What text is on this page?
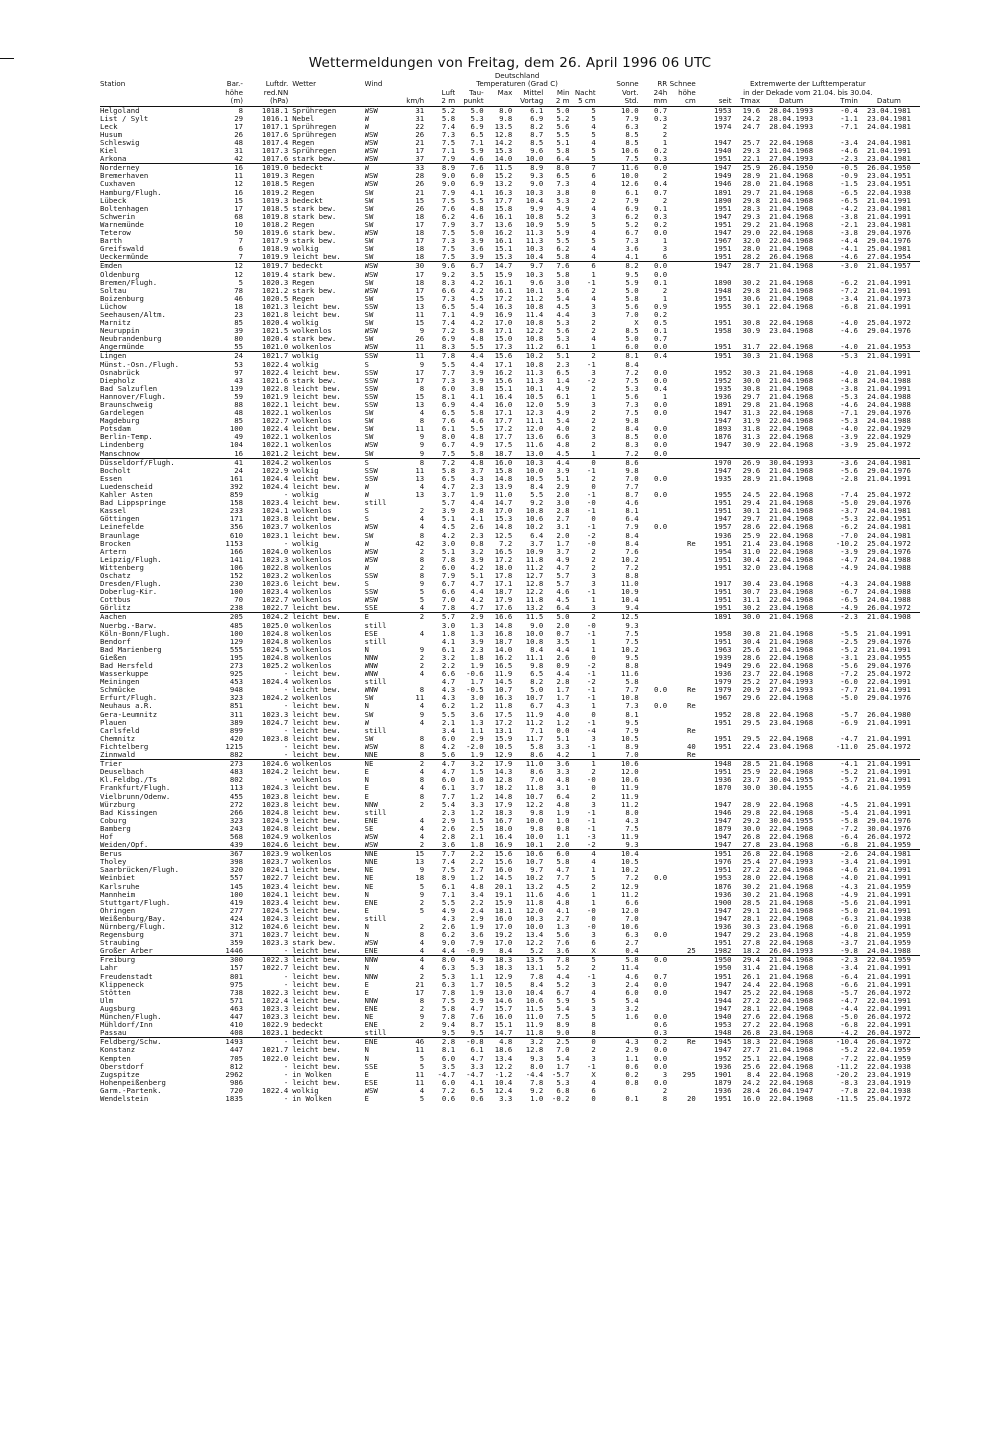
Wettermeldungen von Freitag, dem 26. April 1996 06 UTC
						Deutschland														
Station	Bar.-	Luftdr.	Wetter	Wind		Temperaturen (Grad C)							Sonne	RR	Schnee	Extremwerte der Lufttemperatur				
	höhe	red.NN				Luft	Tau-	Max	Mittel	Min	Nacht		Vort.	24h	höhe	in der Dekade vom 21.04. bis 30.04.				
	(m)	(hPa)			km/h	2 m	punkt		Vortag	2 m	5 cm		Std.	mm	cm	seit	Tmax	Datum	Tmin	Datum
Helgoland	8	1018.1	Sprühregen	WSW	31	5.2	5.0	8.0	6.1	5.0	5		10.0	0.7		1953	19.6	28.04.1993	-0.4	23.04.1981
List / Sylt	29	1016.1	Nebel	W	31	5.8	5.3	9.8	6.9	5.2	5		7.9	0.3		1937	24.2	28.04.1993	-1.1	23.04.1981
Leck	17	1017.1	Sprühregen	W	22	7.4	6.9	13.5	8.2	5.6	4		6.3	2		1974	24.7	28.04.1993	-7.1	24.04.1981
Husum	26	1017.6	Sprühregen	WSW	26	7.3	6.5	12.8	8.7	5.5	5		8.5	2						
Schleswig	48	1017.4	Regen	WSW	21	7.5	7.1	14.2	8.5	5.1	4		8.5	1		1947	25.7	22.04.1968	-3.4	24.04.1981
Kiel	31	1017.3	Sprühregen	WSW	17	7.1	5.9	15.3	9.6	5.8	5		10.6	0.2		1940	29.3	21.04.1968	-4.6	21.04.1991
Arkona	42	1017.6	stark bew.	WSW	37	7.9	4.6	14.0	10.0	6.4	5		7.5	0.3		1951	22.1	27.04.1993	-2.3	23.04.1981
Norderney	16	1019.0	bedeckt	W	33	8.9	7.6	11.5	8.9	8.0	7		11.6	0.0		1947	25.9	26.04.1950	-0.5	26.04.1950
Bremerhaven	11	1019.3	Regen	WSW	28	9.0	6.0	15.2	9.3	6.5	6		10.0	2		1949	28.9	21.04.1968	-0.9	23.04.1951
Cuxhaven	12	1018.5	Regen	WSW	26	9.0	6.9	13.2	9.0	7.3	4		12.6	0.4		1946	28.0	21.04.1968	-1.5	23.04.1951
Hamburg/Flugh.	16	1019.2	Regen	SW	21	7.9	4.1	16.3	10.3	3.8	0		6.1	0.7		1891	29.7	21.04.1968	-6.5	22.04.1938
Lübeck	15	1019.3	bedeckt	SW	15	7.5	5.5	17.7	10.4	5.3	2		7.9	2		1890	29.8	21.04.1968	-6.5	21.04.1991
Boltenhagen	17	1018.5	stark bew.	SW	26	7.6	4.8	15.8	9.9	4.9	4		6.9	0.1		1951	28.3	21.04.1968	-4.2	23.04.1981
Schwerin	68	1019.8	stark bew.	SW	18	6.2	4.6	16.1	10.8	5.2	3		6.2	0.3		1947	29.3	21.04.1968	-3.8	21.04.1991
Warnemünde	10	1018.2	Regen	SW	17	7.9	3.7	13.6	10.9	5.9	5		5.2	0.2		1951	29.2	21.04.1968	-2.1	23.04.1981
Teterow	50	1019.6	stark bew.	WSW	18	7.5	5.0	16.2	11.3	5.9	4		6.7	0.0		1947	29.0	22.04.1968	-3.8	29.04.1976
Barth	7	1017.9	stark bew.	SW	17	7.3	3.9	16.1	11.3	5.5	5		7.3	1		1967	32.0	22.04.1968	-4.4	29.04.1976
Greifswald	6	1018.9	wolkig	SW	18	7.5	3.6	15.1	10.3	6.2	4		3.6	3		1951	28.0	21.04.1968	-4.1	25.04.1981
Ueckermünde	7	1019.9	leicht bew.	SW	18	7.5	3.9	15.3	10.4	5.8	4		4.1	6		1951	28.2	26.04.1968	-4.6	27.04.1954
Emden	12	1019.7	bedeckt	WSW	30	9.6	6.7	14.7	9.7	7.6	6		8.2	0.0		1947	28.7	21.04.1968	-3.0	21.04.1957
Oldenburg	12	1019.4	stark bew.	WSW	17	9.2	3.5	15.9	10.3	5.8	1		9.5	0.0						
Bremen/Flugh.	5	1020.3	Regen	SW	18	8.3	4.2	16.1	9.6	3.0	-1		5.9	0.1		1890	30.2	21.04.1968	-6.2	21.04.1991
Soltau	78	1021.2	stark bew.	WSW	17	6.6	4.2	16.1	10.1	3.6	2		5.0	2		1948	29.8	21.04.1968	-7.2	21.04.1991
Boizenburg	46	1020.5	Regen	SW	15	7.3	4.5	17.2	11.2	5.4	4		5.8	1		1951	30.6	21.04.1968	-3.4	21.04.1973
Lüchow	18	1021.3	leicht bew.	SSW	13	6.5	5.4	16.3	10.8	4.5	3		5.6	0.9		1955	30.1	22.04.1968	-6.8	21.04.1991
Seehausen/Altm.	23	1021.8	leicht bew.	SW	11	7.1	4.9	16.9	11.4	4.4	3		7.0	0.2						
Marnitz	85	1020.4	wolkig	SW	15	7.4	4.2	17.0	10.8	5.3	2		X	0.5		1951	30.8	22.04.1968	-4.0	25.04.1972
Neuruppin	39	1021.5	wolkenlos	WSW	9	7.2	5.8	17.1	12.2	5.6	2		8.5	0.1		1958	30.9	23.04.1968	-4.6	29.04.1976
Neubrandenburg	80	1020.4	stark bew.	SW	26	6.9	4.8	15.0	10.8	5.3	4		5.0	0.7						
Angermünde	55	1021.0	wolkenlos	WSW	11	8.3	5.5	17.3	11.2	6.1	1		6.0	0.0		1951	31.7	22.04.1968	-4.0	21.04.1953
Lingen	24	1021.7	wolkig	SSW	11	7.8	4.4	15.6	10.2	5.1	2		8.1	0.4		1951	30.3	21.04.1968	-5.3	21.04.1991
Münst.-Osn./Flugh.	53	1022.4	wolkig	S	9	5.5	4.4	17.1	10.8	2.3	-1		8.4							
Osnabrück	97	1022.4	leicht bew.	SSW	17	7.7	3.9	16.2	11.3	6.5	3		7.2	0.0		1952	30.3	21.04.1968	-4.0	21.04.1991
Diepholz	43	1021.6	stark bew.	SSW	17	7.3	3.9	15.6	11.3	1.4	-2		7.5	0.0		1952	30.0	21.04.1968	-4.8	24.04.1988
Bad Salzuflen	139	1022.8	leicht bew.	SSW	8	6.0	3.8	15.1	10.1	4.9	2		5.3	0.4		1935	30.8	21.04.1968	-3.8	21.04.1991
Hannover/Flugh.	59	1021.9	leicht bew.	SSW	15	8.1	4.1	16.4	10.5	6.1	1		5.6	1		1936	29.7	21.04.1968	-5.3	24.04.1988
Braunschweig	88	1022.1	leicht bew.	SSW	13	6.9	4.4	16.0	12.0	5.9	3		7.3	0.0		1891	29.8	21.04.1968	-4.6	24.04.1988
Gardelegen	48	1022.1	wolkenlos	SW	4	6.5	5.8	17.1	12.3	4.9	2		7.5	0.0		1947	31.3	22.04.1968	-7.1	29.04.1976
Magdeburg	85	1022.7	wolkenlos	SW	8	7.6	4.6	17.7	11.1	5.4	2		9.8			1947	31.9	22.04.1968	-5.3	24.04.1988
Potsdam	100	1022.4	leicht bew.	SW	11	6.1	5.5	17.2	12.0	4.0	2		8.4	0.0		1893	31.8	22.04.1968	-4.0	22.04.1929
Berlin-Temp.	49	1022.1	wolkenlos	SW	9	8.0	4.8	17.7	13.6	6.6	3		8.5	0.0		1876	31.3	22.04.1968	-3.9	22.04.1929
Lindenberg	104	1022.1	wolkenlos	WSW	9	6.7	4.9	17.5	11.6	4.8	2		8.3	0.0		1947	30.9	22.04.1968	-3.9	25.04.1972
Manschnow	16	1021.2	leicht bew.	SW	9	7.5	5.8	18.7	13.0	4.5	1		7.2	0.0						
Düsseldorf/Flugh.	41	1024.2	wolkenlos	S	8	7.2	4.8	16.0	10.3	4.4	0		8.6			1970	26.9	30.04.1993	-3.6	24.04.1981
Bocholt	24	1022.9	wolkig	SSW	11	5.8	3.7	15.8	10.0	3.9	-1		9.8			1947	29.6	21.04.1968	-5.6	29.04.1976
Essen	161	1024.4	leicht bew.	SSW	13	6.5	4.3	14.8	10.5	5.1	2		7.0	0.0		1935	28.9	21.04.1968	-2.8	21.04.1991
Luedenscheid	392	1024.4	leicht bew.	W	4	4.7	2.3	13.9	8.4	2.9	0		7.7							
Kahler Asten	859	-	wolkig	W	13	3.7	1.9	11.0	5.5	2.0	-1		8.7	0.0		1955	24.5	22.04.1968	-7.4	25.04.1972
Bad Lippspringe	158	1023.4	leicht bew.	still		5.7	4.4	14.7	9.2	3.0	-0		4.6			1951	29.4	21.04.1968	-5.0	29.04.1976
Kassel	233	1024.1	wolkenlos	S	2	3.9	2.8	17.0	10.8	2.8	-1		8.1			1951	30.1	21.04.1968	-3.7	24.04.1981
Göttingen	171	1023.8	leicht bew.	S	4	5.1	4.1	15.3	10.6	2.7	0		6.4			1947	29.7	21.04.1968	-5.3	22.04.1951
Leinefelde	356	1023.7	wolkenlos	WSW	4	4.5	2.6	14.8	10.2	3.1	-1		7.9	0.0		1957	28.6	22.04.1968	-6.2	24.04.1981
Braunlage	610	1023.1	leicht bew.	SW	8	4.2	2.3	12.5	6.4	2.0	-2		8.4			1936	25.9	22.04.1968	-7.0	24.04.1981
Brocken	1153	-	wolkig	W	42	3.0	0.8	7.2	3.7	1.7	-0		8.4		Re	1951	21.4	23.04.1968	-10.2	25.04.1972
Artern	166	1024.0	wolkenlos	WSW	2	5.1	3.2	16.5	10.9	3.7	2		7.6			1954	31.0	22.04.1968	-3.9	29.04.1976
Leipzig/Flugh.	141	1023.3	wolkenlos	WSW	8	7.8	3.9	17.2	11.8	4.9	2		10.2			1951	30.4	22.04.1968	-4.7	24.04.1988
Wittenberg	106	1022.8	wolkenlos	W	2	6.0	4.2	18.0	11.2	4.7	2		7.2			1951	32.0	23.04.1968	-4.9	24.04.1988
Oschatz	152	1023.2	wolkenlos	SSW	8	7.9	5.1	17.8	12.7	5.7	3		8.8							
Dresden/Flugh.	230	1023.6	leicht bew.	S	9	6.7	4.7	17.1	12.8	5.7	3		11.0			1917	30.4	23.04.1968	-4.3	24.04.1988
Doberlug-Kir.	100	1023.4	wolkenlos	SSW	5	6.6	4.4	18.7	12.2	4.6	-1		10.9			1951	30.7	23.04.1968	-6.7	24.04.1988
Cottbus	70	1022.7	wolkenlos	WSW	5	7.0	4.2	17.9	11.8	4.5	1		10.4			1951	31.1	22.04.1968	-6.5	24.04.1988
Görlitz	238	1022.7	leicht bew.	SSE	4	7.8	4.7	17.6	13.2	6.4	3		9.4			1951	30.2	23.04.1968	-4.9	26.04.1972
Aachen	205	1024.2	leicht bew.	E	2	5.7	2.9	16.6	11.5	5.0	2		12.5			1891	30.0	21.04.1968	-2.3	21.04.1908
Nuerbg.-Barw.	485	1025.0	wolkenlos	still		3.0	1.3	14.8	9.0	2.0	-0		9.3							
Köln-Bonn/Flugh.	100	1024.8	wolkenlos	ESE	4	1.8	1.3	16.8	10.0	0.7	-1		7.5			1958	30.8	21.04.1968	-5.5	21.04.1991
Bendorf	129	1024.8	wolkenlos	still		4.1	3.9	18.7	10.8	3.5	1		7.5			1951	30.4	21.04.1968	-2.5	29.04.1976
Bad Marienberg	555	1024.5	wolkenlos	N	9	6.1	2.3	14.0	8.4	4.4	1		10.2			1963	25.6	21.04.1968	-5.2	21.04.1991
Gießen	195	1024.8	wolkenlos	NNW	2	3.2	1.8	16.2	11.1	2.6	0		9.5			1939	28.6	22.04.1968	-3.1	23.04.1955
Bad Hersfeld	273	1025.2	wolkenlos	WNW	2	2.2	1.9	16.5	9.8	0.9	-2		8.8			1949	29.6	22.04.1968	-5.6	29.04.1976
Wasserkuppe	925	-	leicht bew.	WNW	4	6.6	-0.6	11.9	6.5	4.4	-1		11.6			1936	23.7	22.04.1968	-7.2	25.04.1972
Meiningen	453	1024.4	wolkenlos	still		4.7	1.7	14.5	8.2	2.8	-2		5.8			1979	25.2	27.04.1993	-6.0	22.04.1991
Schmücke	948	-	leicht bew.	WNW	8	4.3	-0.5	10.7	5.0	1.7	-1		7.7	0.0	Re	1979	20.9	27.04.1993	-7.7	21.04.1991
Erfurt/Flugh.	323	1024.2	wolkenlos	SW	11	4.3	3.0	16.3	10.7	1.7	-1		10.8			1967	29.6	22.04.1968	-5.0	29.04.1976
Neuhaus a.R.	851	-	leicht bew.	N	4	6.2	1.2	11.8	6.7	4.3	1		7.3	0.0	Re					
Gera-Leumnitz	311	1023.3	leicht bew.	SW	9	5.5	3.6	17.5	11.9	4.0	0		8.1			1952	28.8	22.04.1968	-5.7	26.04.1980
Plauen	389	1024.7	leicht bew.	W	4	2.1	1.3	17.2	11.2	1.2	-1		9.5			1951	29.5	23.04.1968	-6.9	21.04.1991
Carlsfeld	899	-	leicht bew.	still		3.4	1.1	13.1	7.1	0.0	-4		7.9		Re					
Chemnitz	420	1023.8	leicht bew.	SW	8	6.0	2.9	15.9	11.7	5.1	3		10.5			1951	29.5	22.04.1968	-4.7	21.04.1991
Fichtelberg	1215	-	leicht bew.	WSW	8	4.2	-2.0	10.5	5.8	3.3	-1		8.9		40	1951	22.4	23.04.1968	-11.0	25.04.1972
Zinnwald	882	-	leicht bew.	NNE	8	5.6	1.9	12.9	8.6	4.2	1		7.0		Re					
Trier	273	1024.6	wolkenlos	NE	2	4.7	3.2	17.9	11.0	3.6	1		10.6			1948	28.5	21.04.1968	-4.1	21.04.1991
Deuselbach	483	1024.2	leicht bew.	E	4	4.7	1.5	14.3	8.6	3.3	2		12.0			1951	25.9	22.04.1968	-5.2	21.04.1991
Kl.Feldbg./Ts	802	-	wolkenlos	N	8	6.0	1.0	12.8	7.0	4.8	-0		10.6			1936	23.7	30.04.1955	-5.7	21.04.1991
Frankfurt/Flugh.	113	1024.3	leicht bew.	E	4	6.1	3.7	18.2	11.8	3.1	0		11.9			1870	30.0	30.04.1955	-4.6	21.04.1959
Vielbrunn/Odenw.	455	1023.8	leicht bew.	E	8	7.7	1.2	14.8	10.7	6.4	2		11.9							
Würzburg	272	1023.8	leicht bew.	NNW	2	5.4	3.3	17.9	12.2	4.8	3		11.2			1947	28.9	22.04.1968	-4.5	21.04.1991
Bad Kissingen	266	1024.8	leicht bew.	still		2.3	1.2	18.3	9.8	1.9	-1		8.0			1946	29.8	22.04.1968	-5.4	21.04.1991
Coburg	323	1024.9	leicht bew.	ENE	4	2.9	1.5	16.7	10.0	1.0	-1		4.3			1947	29.2	30.04.1955	-5.8	29.04.1976
Bamberg	243	1024.8	leicht bew.	SE	4	2.6	2.5	18.0	9.8	0.8	-1		7.5			1879	30.0	22.04.1968	-7.2	30.04.1976
Hof	568	1024.9	wolkenlos	WSW	4	2.8	2.1	16.4	10.0	1.1	-3		11.9			1947	26.8	22.04.1968	-6.4	26.04.1972
Weiden/Opf.	439	1024.6	leicht bew.	WSW	2	3.6	1.8	16.9	10.1	2.0	-2		9.3			1947	27.8	23.04.1968	-6.8	21.04.1959
Berus	367	1023.9	wolkenlos	NNE	15	7.7	2.2	15.6	10.6	6.0	4		10.4			1951	26.8	22.04.1968	-2.6	24.04.1981
Tholey	398	1023.7	wolkenlos	NNE	13	7.4	2.2	15.6	10.7	5.8	4		10.5			1976	25.4	27.04.1993	-3.4	21.04.1991
Saarbrücken/Flugh.	320	1024.1	leicht bew.	NE	9	7.5	2.7	16.0	9.7	4.7	1		10.2			1951	27.2	22.04.1968	-4.6	21.04.1991
Weinbiet	557	1022.7	leicht bew.	NE	18	8.9	1.2	14.5	10.2	7.7	5		7.2	0.0		1953	28.0	22.04.1968	-4.0	21.04.1991
Karlsruhe	145	1023.4	leicht bew.	NE	5	6.1	4.8	20.1	13.2	4.5	2		12.9			1876	30.2	21.04.1968	-4.3	21.04.1959
Mannheim	100	1024.1	leicht bew.	N	9	7.1	3.4	19.1	11.6	4.6	1		11.2			1936	30.2	21.04.1968	-4.9	21.04.1991
Stuttgart/Flugh.	419	1023.4	leicht bew.	ENE	2	5.5	2.2	15.9	11.8	4.8	1		6.6			1900	28.5	21.04.1968	-5.6	21.04.1991
Öhringen	277	1024.5	leicht bew.	E	5	4.9	2.4	18.1	12.0	4.1	-0		12.0			1947	29.1	21.04.1968	-5.0	21.04.1991
Weißenburg/Bay.	424	1024.3	leicht bew.	still		4.3	2.9	16.0	10.3	2.7	0		7.0			1947	28.1	22.04.1968	-6.3	21.04.1938
Nürnberg/Flugh.	312	1024.6	leicht bew.	N	2	2.6	1.9	17.0	10.0	1.3	-0		10.6			1936	30.3	23.04.1968	-6.0	21.04.1991
Regensburg	371	1023.7	leicht bew.	N	8	6.2	3.6	19.2	13.4	5.6	3		6.3	0.0		1947	29.2	23.04.1968	-4.8	21.04.1959
Straubing	359	1023.3	stark bew.	WSW	4	9.0	7.9	17.0	12.2	7.6	6		2.7			1951	27.8	22.04.1968	-3.7	21.04.1959
Großer Arber	1446	-	leicht bew.	ENE	4	4.4	-0.9	8.4	5.2	3.6	X		0.4		25	1982	18.2	26.04.1993	-9.8	24.04.1988
Freiburg	300	1022.3	leicht bew.	NNW	4	8.0	4.9	18.3	13.5	7.8	5		5.8	0.0		1950	29.4	21.04.1968	-2.3	22.04.1959
Lahr	157	1022.7	leicht bew.	N	4	6.3	5.3	18.3	13.1	5.2	2		11.4			1950	31.4	21.04.1968	-3.4	21.04.1991
Freudenstadt	801	-	leicht bew.	NNW	2	5.3	1.1	12.9	7.8	4.4	-1		4.6	0.7		1951	26.1	21.04.1968	-6.4	21.04.1991
Klippeneck	975	-	leicht bew.	E	21	6.3	1.7	10.5	8.4	5.2	3		2.4	0.0		1947	24.4	22.04.1968	-6.6	21.04.1991
Stötten	738	1022.3	leicht bew.	E	17	7.8	1.9	13.0	10.4	6.7	4		6.0	0.0		1947	25.2	22.04.1968	-5.7	26.04.1972
Ulm	571	1022.4	leicht bew.	NNW	8	7.5	2.9	14.6	10.6	5.9	5		5.4			1944	27.2	22.04.1968	-4.7	22.04.1991
Augsburg	463	1023.3	leicht bew.	ENE	2	5.8	4.7	15.7	11.5	5.4	3		3.2			1947	28.1	22.04.1968	-4.4	22.04.1991
München/Flugh.	447	1023.3	leicht bew.	NE	9	7.8	7.6	16.0	11.0	7.5	5		1.6	0.0		1940	27.6	22.04.1968	-5.0	26.04.1972
Mühldorf/Inn	410	1022.9	bedeckt	ENE	2	9.4	8.7	15.1	11.9	8.9	8			0.6		1953	27.2	22.04.1968	-6.8	22.04.1991
Passau	408	1023.1	bedeckt	still		9.5	9.5	14.7	11.8	9.0	8			0.3		1948	26.8	23.04.1968	-4.2	26.04.1972
Feldberg/Schw.	1493	-	leicht bew.	ENE	46	2.8	-0.8	4.8	3.2	2.5	0		4.3	0.2	Re	1945	18.3	22.04.1968	-10.4	26.04.1972
Konstanz	447	1021.7	leicht bew.	N	11	8.1	6.1	18.6	12.8	7.0	2		2.9	0.0		1947	27.7	21.04.1968	-5.2	22.04.1959
Kempten	705	1022.0	leicht bew.	N	5	6.0	4.7	13.4	9.3	5.4	3		1.1	0.0		1952	25.1	22.04.1968	-7.2	22.04.1959
Oberstdorf	812	-	leicht bew.	SSE	5	3.5	3.3	12.2	8.0	1.7	-1		0.6	0.0		1936	25.6	22.04.1968	-11.2	22.04.1938
Zugspitze	2962	-	in Wolken	E	11	-4.7	-4.7	-1.2	-4.4	-5.7	X		0.2	3	295	1901	8.4	22.04.1968	-20.2	23.04.1919
Hohenpeißenberg	986	-	leicht bew.	ESE	11	6.0	4.1	10.4	7.8	5.3	4		0.8	0.0		1879	24.2	22.04.1968	-8.3	23.04.1919
Garm.-Partenk.	720	1022.4	wolkig	WSW	4	7.2	6.5	12.4	9.2	6.8	6			2		1936	28.4	26.04.1947	-7.8	22.04.1938
Wendelstein	1835	-	in Wolken	E	5	0.6	0.6	3.3	1.0	-0.2	0		0.1	8	20	1951	16.0	22.04.1968	-11.5	25.04.1972
